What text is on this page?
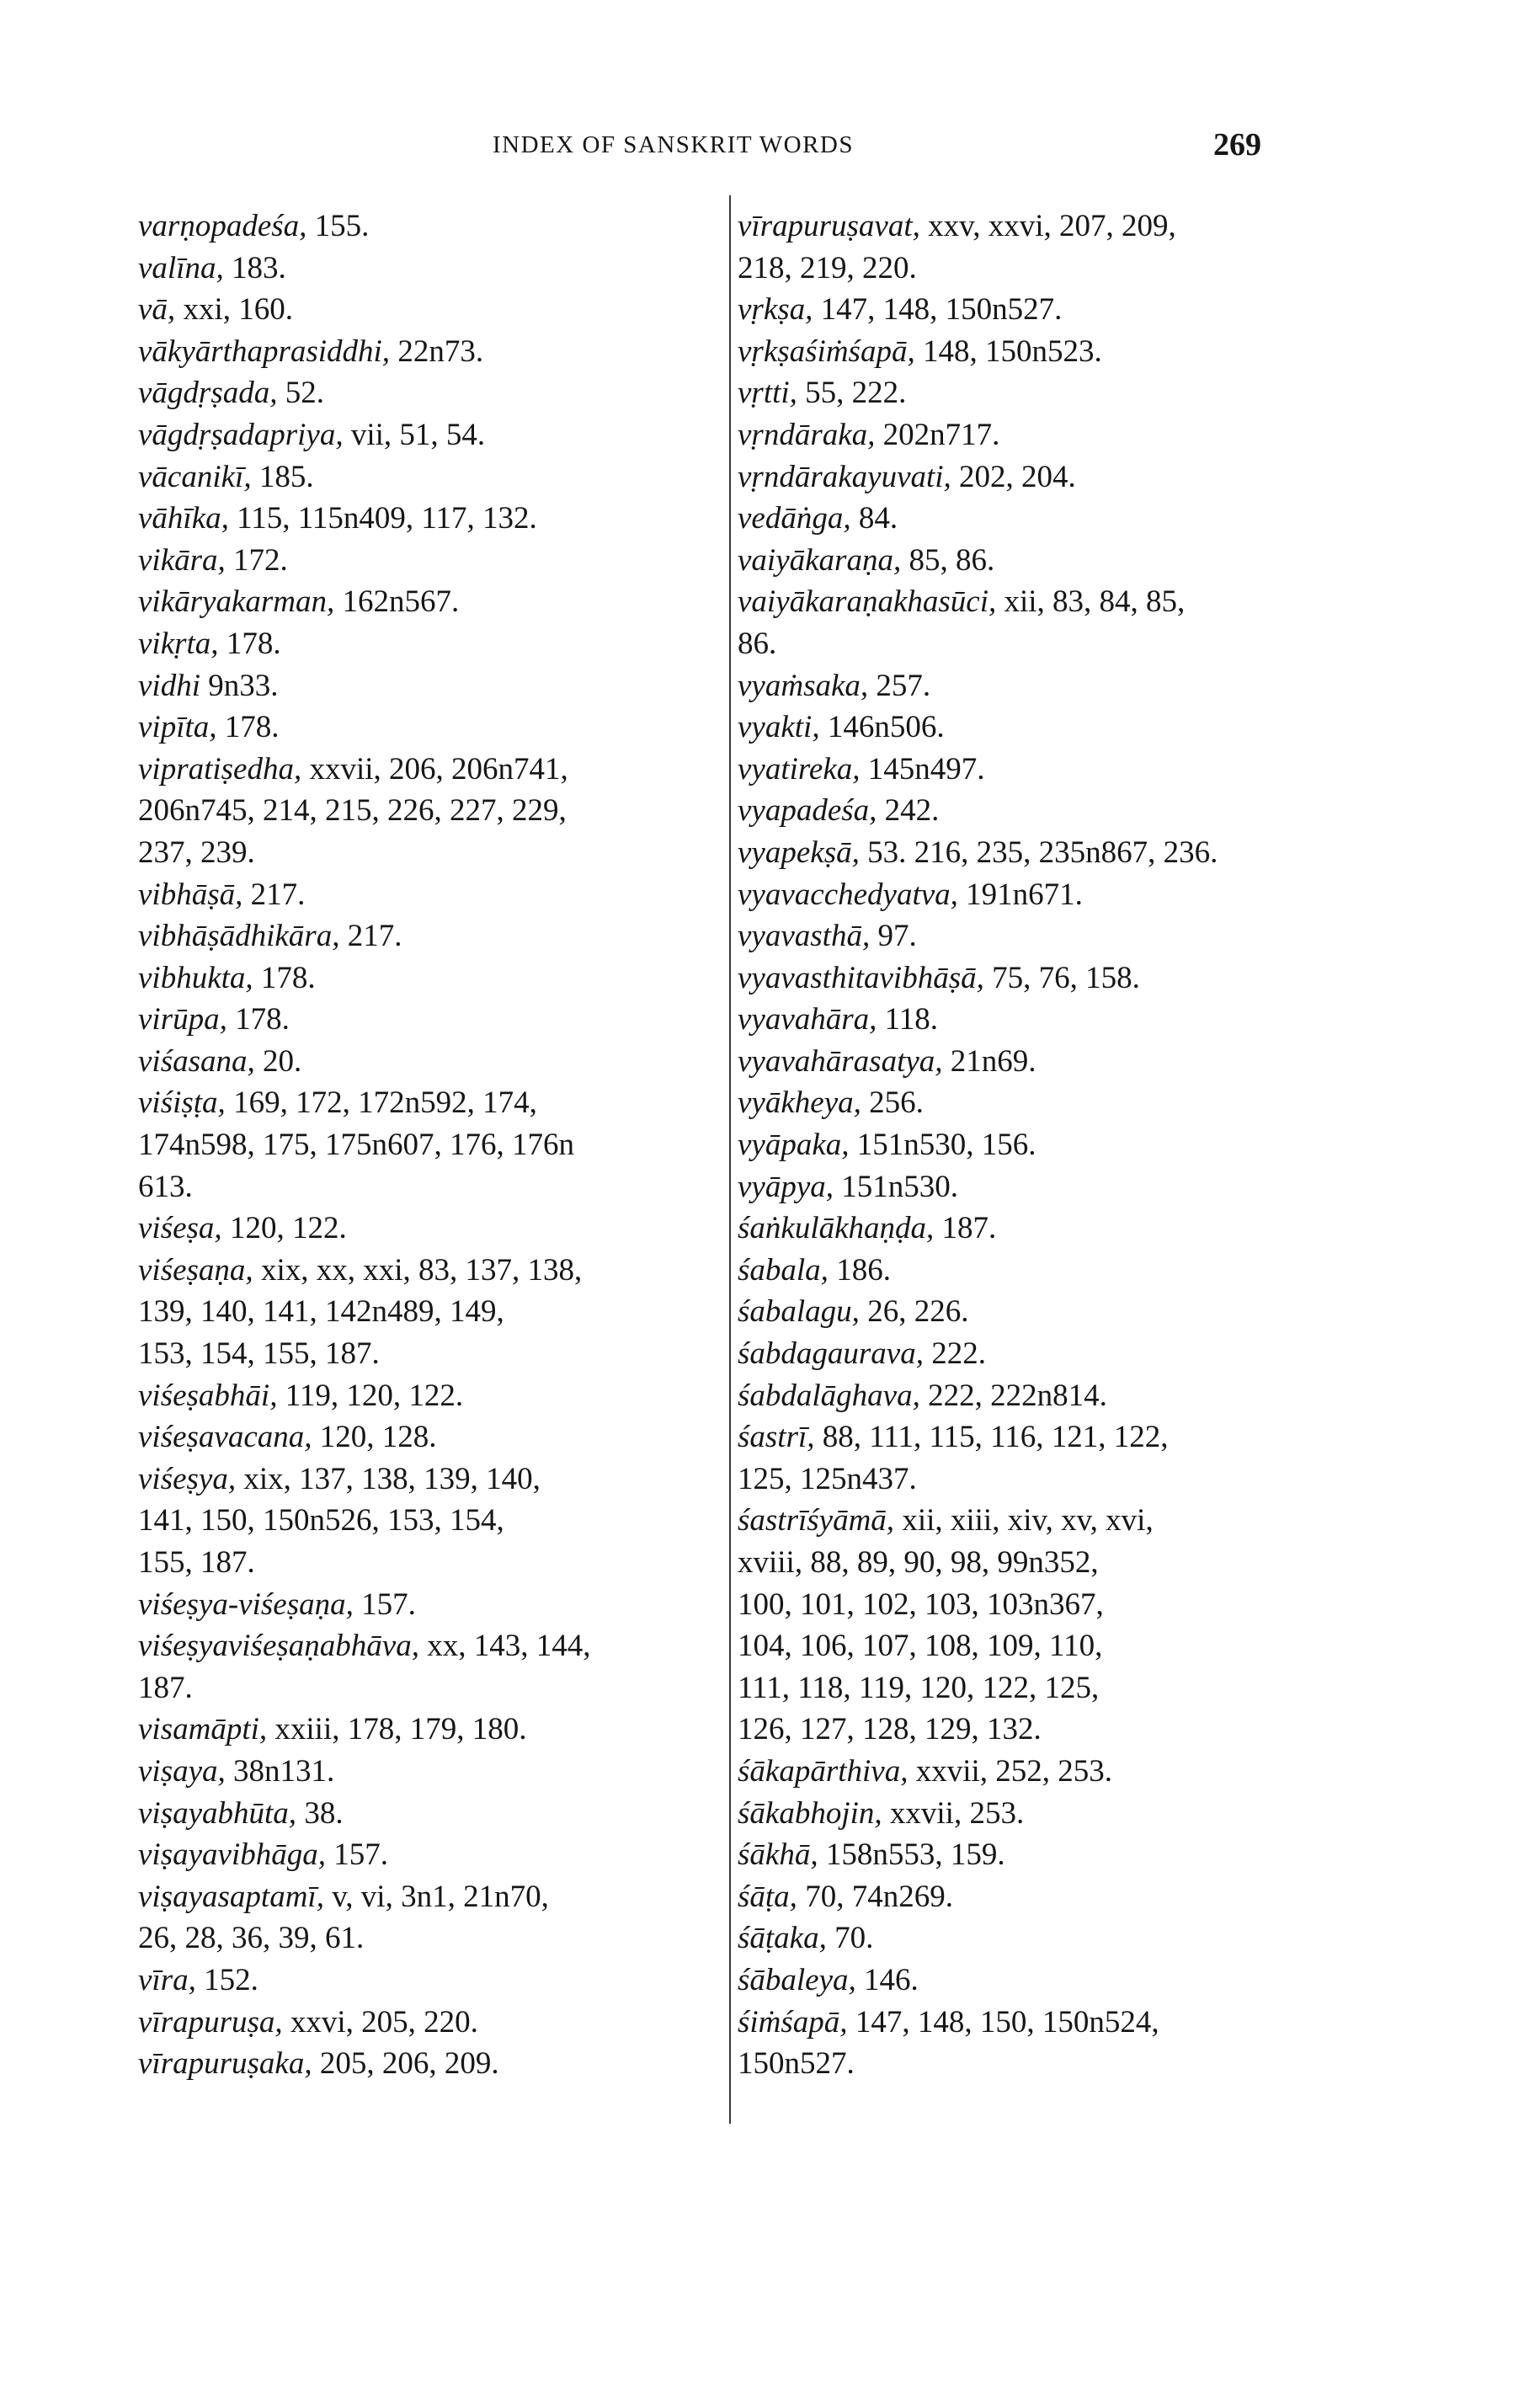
INDEX OF SANSKRIT WORDS	269
varṇopadeśa, 155.
valīna, 183.
vā, xxi, 160.
vākyārthaprasiddhi, 22n73.
vāgdṛṣada, 52.
vāgdṛṣadapriya, vii, 51, 54.
vācanikī, 185.
vāhīka, 115, 115n409, 117, 132.
vikāra, 172.
vikāryakarman, 162n567.
vikṛta, 178.
vidhi 9n33.
vipīta, 178.
vipratiṣedha, xxvii, 206, 206n741,
206n745, 214, 215, 226, 227, 229,
237, 239.
vibhāṣā, 217.
vibhāṣādhikāra, 217.
vibhukta, 178.
virūpa, 178.
viśasana, 20.
viśiṣṭa, 169, 172, 172n592, 174,
174n598, 175, 175n607, 176, 176n
613.
viśeṣa, 120, 122.
viśeṣaṇa, xix, xx, xxi, 83, 137, 138,
139, 140, 141, 142n489, 149,
153, 154, 155, 187.
viśeṣabhāi, 119, 120, 122.
viśeṣavacana, 120, 128.
viśeṣya, xix, 137, 138, 139, 140,
141, 150, 150n526, 153, 154,
155, 187.
viśeṣya-viśeṣaṇa, 157.
viśeṣyaviśeṣaṇabhāva, xx, 143, 144,
187.
visamāpti, xxiii, 178, 179, 180.
viṣaya, 38n131.
viṣayabhūta, 38.
viṣayavibhāga, 157.
viṣayasaptamī, v, vi, 3n1, 21n70,
26, 28, 36, 39, 61.
vīra, 152.
vīrapuruṣa, xxvi, 205, 220.
vīrapuruṣaka, 205, 206, 209.
vīrapuruṣavat, xxv, xxvi, 207, 209,
218, 219, 220.
vṛkṣa, 147, 148, 150n527.
vṛkṣaśiṁśapā, 148, 150n523.
vṛtti, 55, 222.
vṛndāraka, 202n717.
vṛndārakayuvati, 202, 204.
vedāṅga, 84.
vaiyākaraṇa, 85, 86.
vaiyākaraṇakhasūci, xii, 83, 84, 85,
86.
vyaṁsaka, 257.
vyakti, 146n506.
vyatireka, 145n497.
vyapadeśa, 242.
vyapekṣā, 53. 216, 235, 235n867, 236.
vyavacchedyatva, 191n671.
vyavasthā, 97.
vyavasthitavibhāṣā, 75, 76, 158.
vyavahāra, 118.
vyavahārasatya, 21n69.
vyākheya, 256.
vyāpaka, 151n530, 156.
vyāpya, 151n530.
śaṅkulākhaṇḍa, 187.
śabala, 186.
śabalagu, 26, 226.
śabdagaurava, 222.
śabdalāghava, 222, 222n814.
śastrī, 88, 111, 115, 116, 121, 122,
125, 125n437.
śastrīśyāmā, xii, xiii, xiv, xv, xvi,
xviii, 88, 89, 90, 98, 99n352,
100, 101, 102, 103, 103n367,
104, 106, 107, 108, 109, 110,
111, 118, 119, 120, 122, 125,
126, 127, 128, 129, 132.
śākapārthiva, xxvii, 252, 253.
śākabhojin, xxvii, 253.
śākhā, 158n553, 159.
śāṭa, 70, 74n269.
śāṭaka, 70.
śābaleya, 146.
śiṁśapā, 147, 148, 150, 150n524,
150n527.
